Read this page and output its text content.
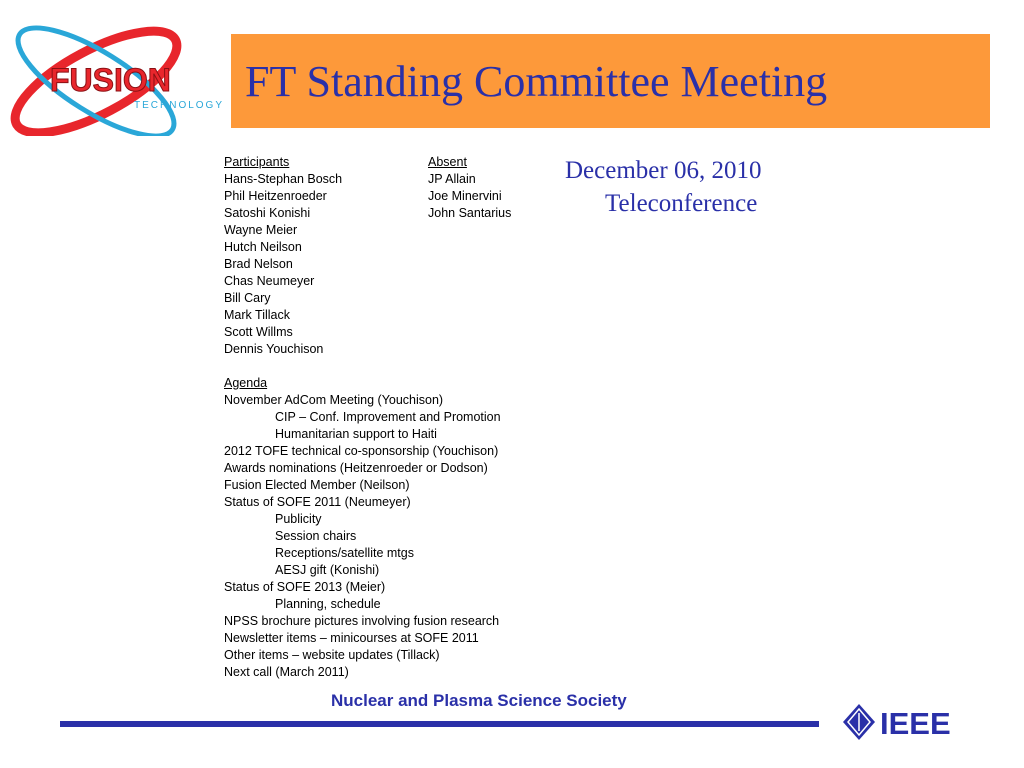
FUSION
TECHNOLOGY FT Standing Committee Meeting
December 06, 2010
Teleconference
Participants
Hans-Stephan Bosch
Phil Heitzenroeder
Satoshi Konishi
Wayne Meier
Hutch Neilson
Brad Nelson
Chas Neumeyer
Bill Cary
Mark Tillack
Scott Willms
Dennis Youchison
Agenda
November AdCom Meeting (Youchison)
CIP – Conf. Improvement and Promotion
Humanitarian support to Haiti
2012 TOFE technical co-sponsorship (Youchison)
Awards nominations (Heitzenroeder or Dodson)
Fusion Elected Member (Neilson)
Status of SOFE 2011 (Neumeyer)
Publicity
Session chairs
Receptions/satellite mtgs
AESJ gift (Konishi)
Status of SOFE 2013 (Meier)
Planning, schedule
NPSS brochure pictures involving fusion research
Newsletter items – minicourses at SOFE 2011
Other items – website updates (Tillack)
Next call (March 2011)
Absent
JP Allain
Joe Minervini
John Santarius
Nuclear and Plasma Science Society
IEEE
